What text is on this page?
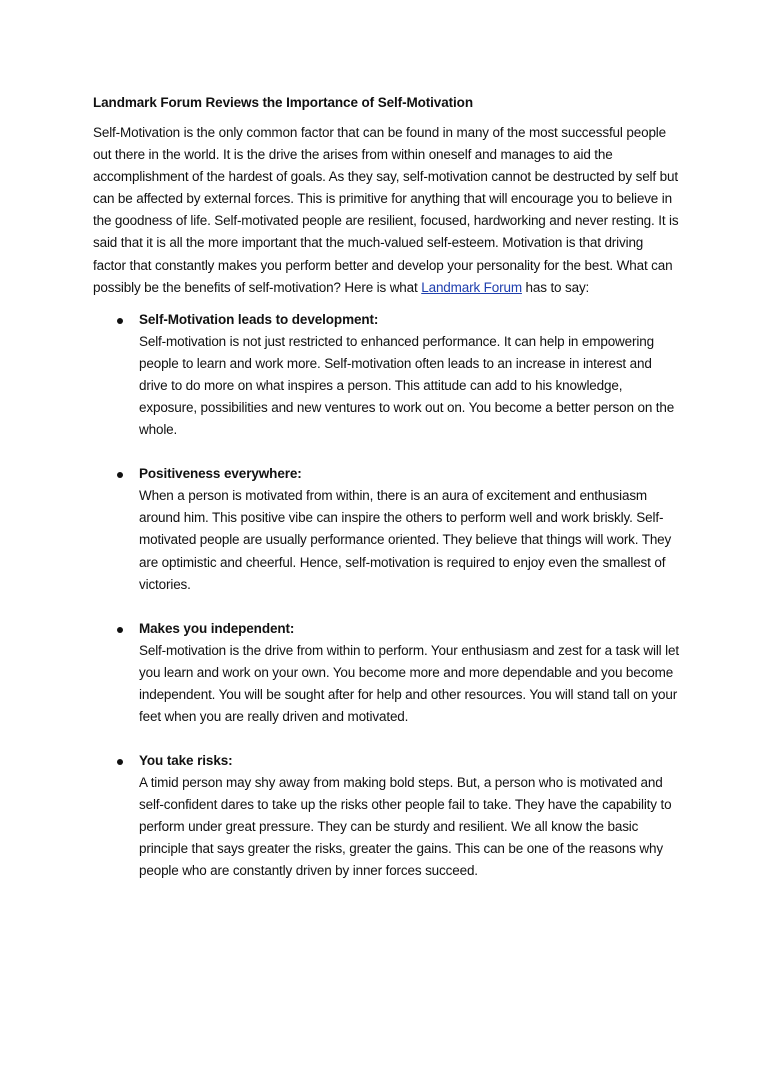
Landmark Forum Reviews the Importance of Self-Motivation

Self-Motivation is the only common factor that can be found in many of the most successful people out there in the world. It is the drive the arises from within oneself and manages to aid the accomplishment of the hardest of goals. As they say, self-motivation cannot be destructed by self but can be affected by external forces. This is primitive for anything that will encourage you to believe in the goodness of life. Self-motivated people are resilient, focused, hardworking and never resting. It is said that it is all the more important that the much-valued self-esteem. Motivation is that driving factor that constantly makes you perform better and develop your personality for the best. What can possibly be the benefits of self-motivation? Here is what Landmark Forum has to say:

Self-Motivation leads to development:
Self-motivation is not just restricted to enhanced performance. It can help in empowering people to learn and work more. Self-motivation often leads to an increase in interest and drive to do more on what inspires a person. This attitude can add to his knowledge, exposure, possibilities and new ventures to work out on. You become a better person on the whole.
Positiveness everywhere:
When a person is motivated from within, there is an aura of excitement and enthusiasm around him. This positive vibe can inspire the others to perform well and work briskly. Self-motivated people are usually performance oriented. They believe that things will work. They are optimistic and cheerful. Hence, self-motivation is required to enjoy even the smallest of victories.
Makes you independent:
Self-motivation is the drive from within to perform. Your enthusiasm and zest for a task will let you learn and work on your own. You become more and more dependable and you become independent. You will be sought after for help and other resources. You will stand tall on your feet when you are really driven and motivated.
You take risks:
A timid person may shy away from making bold steps. But, a person who is motivated and self-confident dares to take up the risks other people fail to take. They have the capability to perform under great pressure. They can be sturdy and resilient. We all know the basic principle that says greater the risks, greater the gains. This can be one of the reasons why people who are constantly driven by inner forces succeed.
